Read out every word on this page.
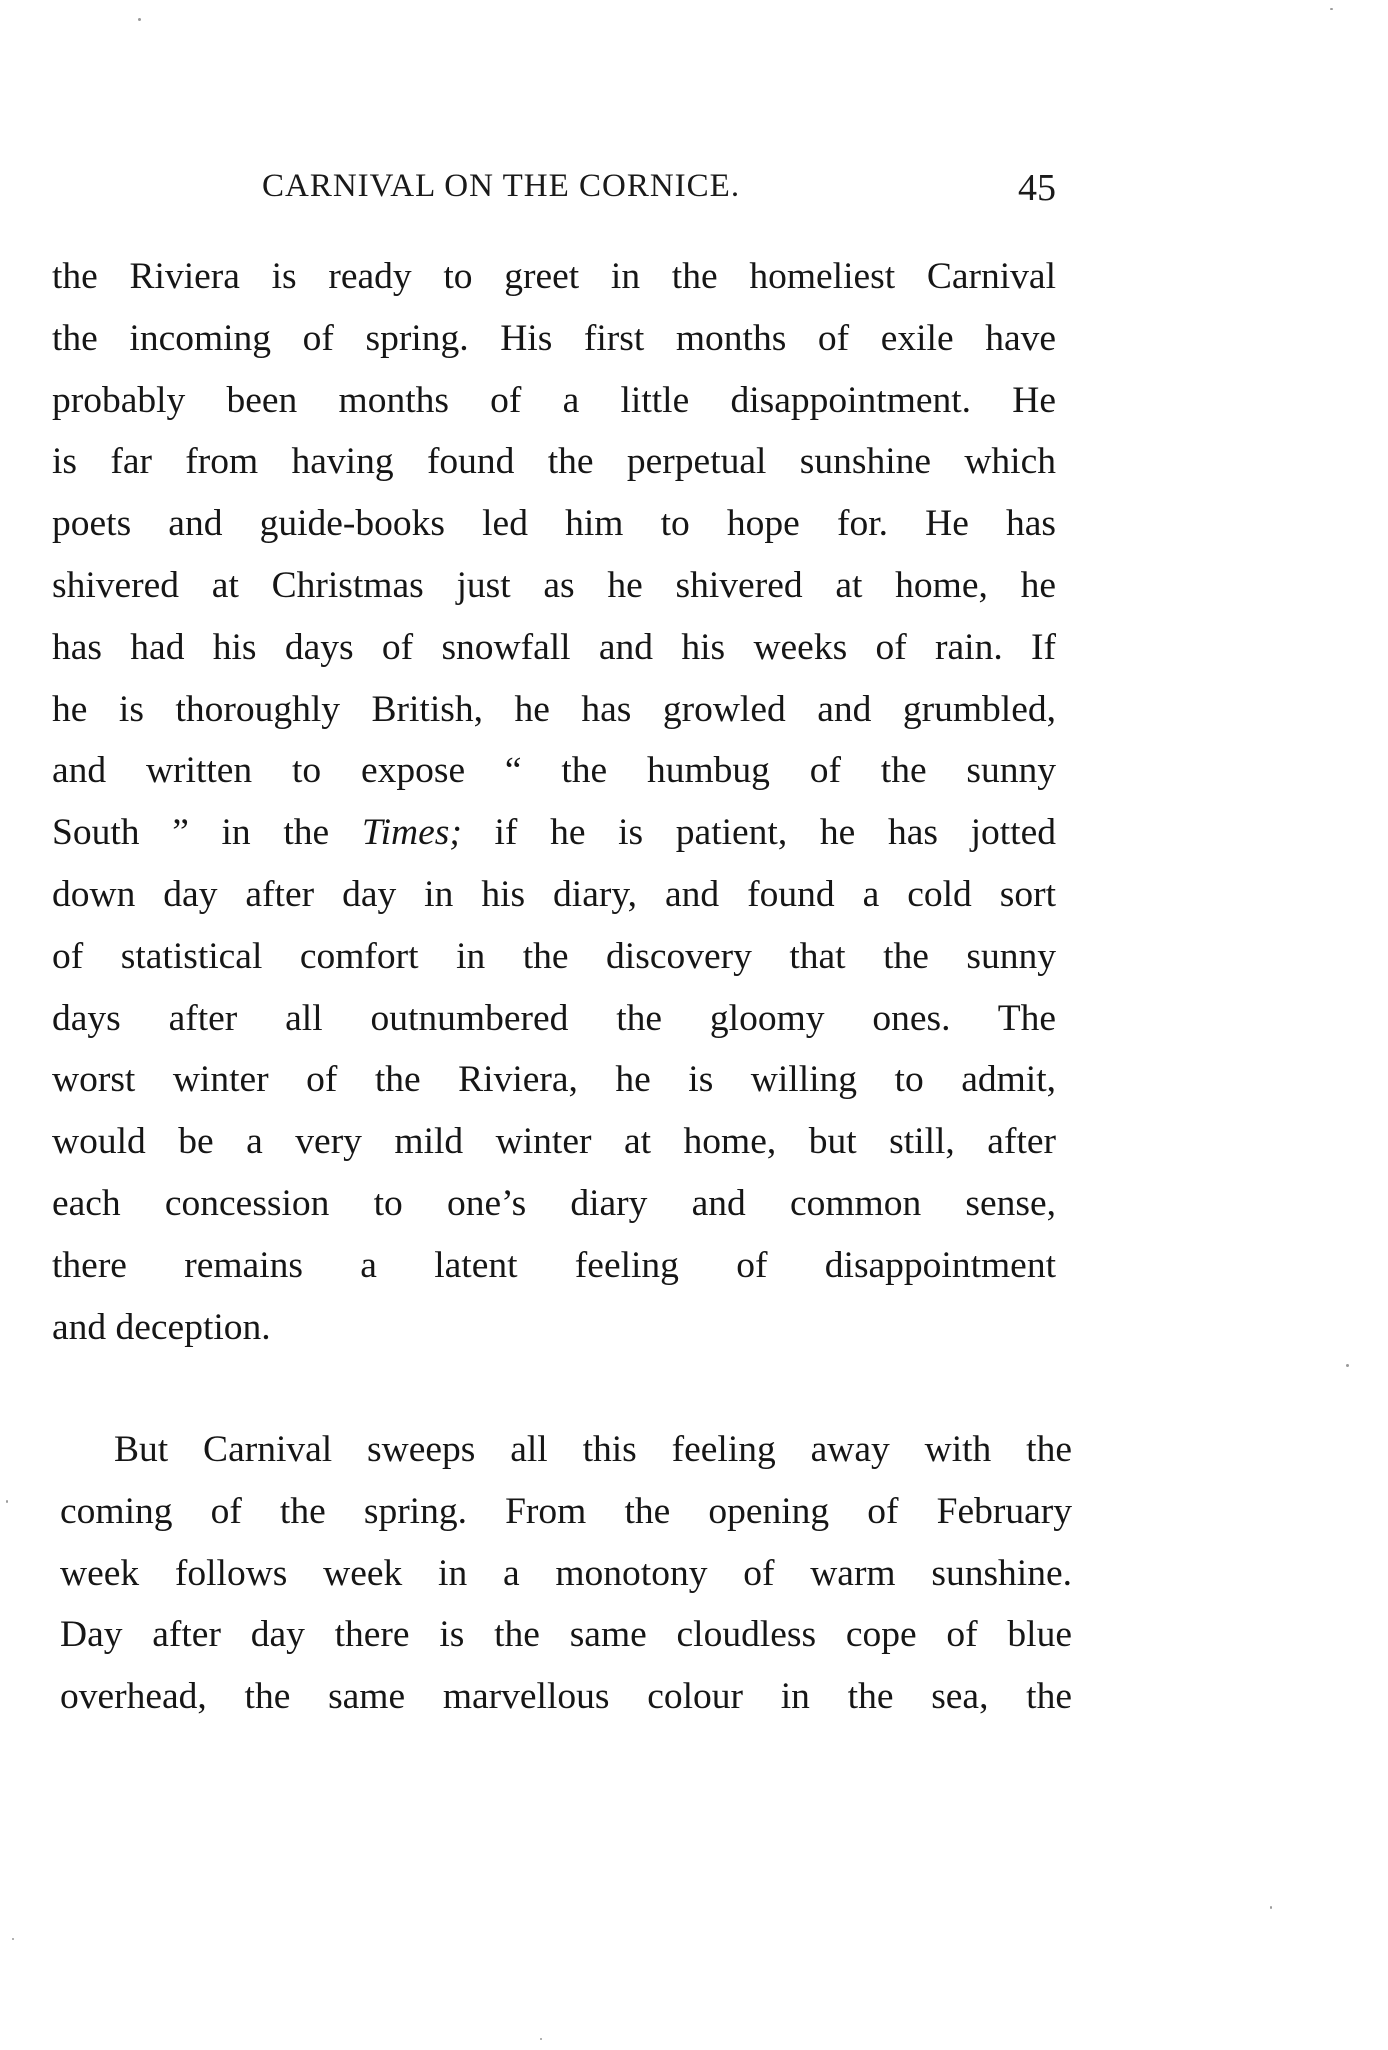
CARNIVAL ON THE CORNICE.	45
the Riviera is ready to greet in the homeliest Carnival
the incoming of spring. His first months of exile have
probably been months of a little disappointment. He
is far from having found the perpetual sunshine which
poets and guide-books led him to hope for. He has
shivered at Christmas just as he shivered at home, he
has had his days of snowfall and his weeks of rain. If
he is thoroughly British, he has growled and grumbled,
and written to expose “ the humbug of the sunny
South ” in the Times; if he is patient, he has jotted
down day after day in his diary, and found a cold sort
of statistical comfort in the discovery that the sunny
days after all outnumbered the gloomy ones. The
worst winter of the Riviera, he is willing to admit,
would be a very mild winter at home, but still, after
each concession to one’s diary and common sense,
there remains a latent feeling of disappointment
and deception.
But Carnival sweeps all this feeling away with the
coming of the spring. From the opening of February
week follows week in a monotony of warm sunshine.
Day after day there is the same cloudless cope of blue
overhead, the same marvellous colour in the sea, the
